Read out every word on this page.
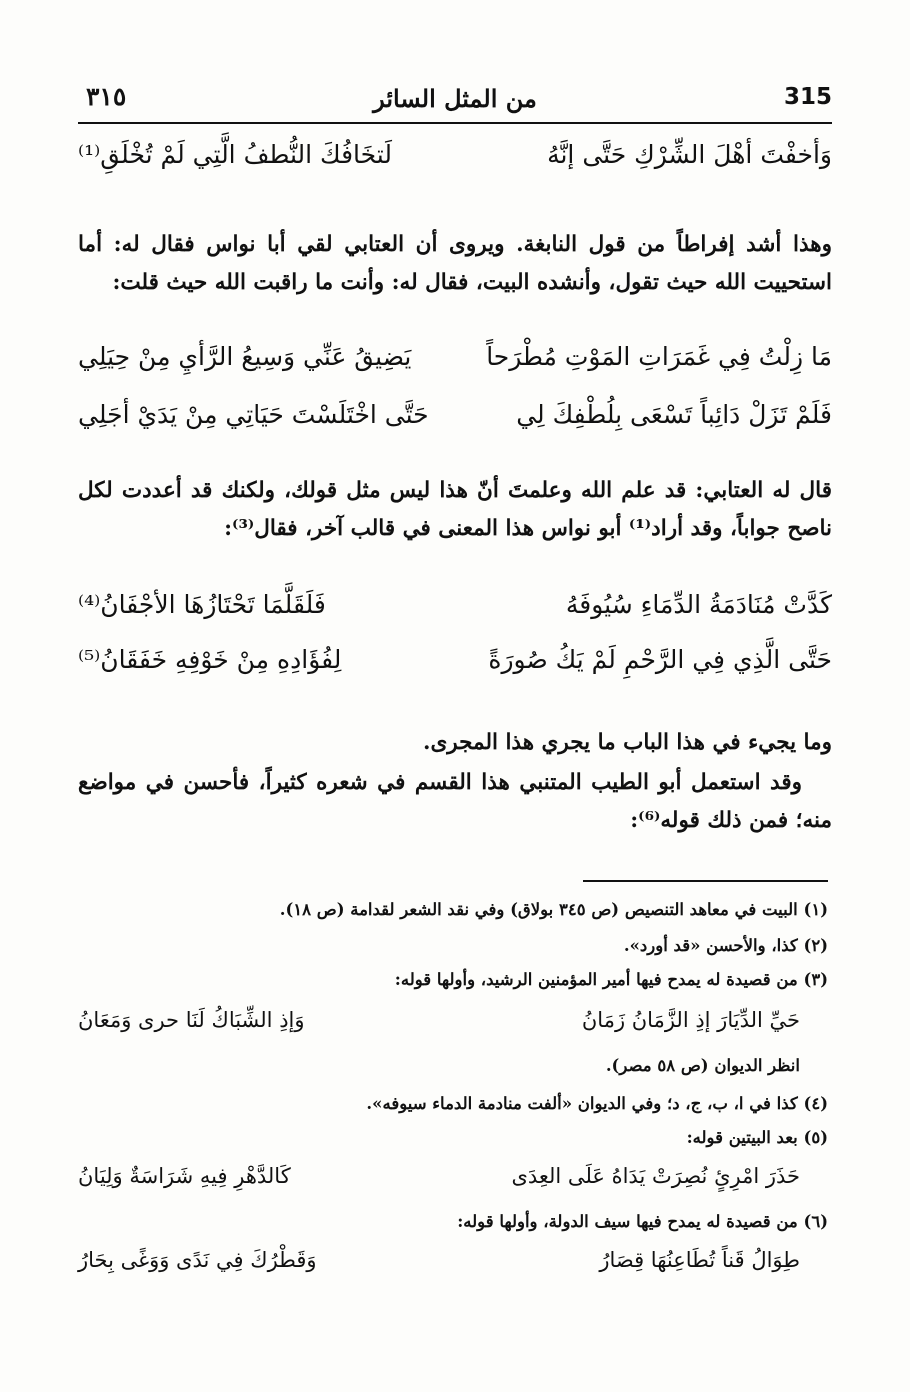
٣١٥	من المثل السائر	315
وَأخفْتَ أهْلَ الشِّرْكِ حَتَّى إنَّهُ
لَتخَافُكَ النُّطفُ الَّتِي لَمْ تُخْلَقِ⁽¹⁾
وهذا أشد إفراطاً من قول النابغة. ويروى أن العتابي لقي أبا نواس فقال له: أما استحييت الله حيث تقول، وأنشده البيت، فقال له: وأنت ما راقبت الله حيث قلت:
مَا زِلْتُ فِي غَمَرَاتِ المَوْتِ مُطْرَحاً
يَضِيقُ عَنِّي وَسِيعُ الرَّأيِ مِنْ حِيَلِي
فَلَمْ تَزَلْ دَائِباً تَسْعَى بِلُطْفِكَ لِي
حَتَّى اخْتَلَسْتَ حَيَاتِي مِنْ يَدَيْ أجَلِي
قال له العتابي: قد علم الله وعلمتَ أنّ هذا ليس مثل قولك، ولكنك قد أعددت لكل ناصح جواباً، وقد أراد⁽¹⁾ أبو نواس هذا المعنى في قالب آخر، فقال⁽³⁾:
كَدَّتْ مُنَادَمَةُ الدِّمَاءِ سُيُوفَهُ
فَلَقَلَّمَا تَحْتَازُهَا الأجْفَانُ⁽⁴⁾
حَتَّى الَّذِي فِي الرَّحْمِ لَمْ يَكُ صُورَةً
لِفُؤَادِهِ مِنْ خَوْفِهِ خَفَقَانُ⁽⁵⁾
وما يجيء في هذا الباب ما يجري هذا المجرى.
وقد استعمل أبو الطيب المتنبي هذا القسم في شعره كثيراً، فأحسن في مواضع منه؛ فمن ذلك قوله⁽⁶⁾:
(١) البيت في معاهد التنصيص (ص ٣٤٥ بولاق) وفي نقد الشعر لقدامة (ص ١٨).
(٢) كذا، والأحسن «قد أورد».
(٣) من قصيدة له يمدح فيها أمير المؤمنين الرشيد، وأولها قوله:
حَيِّ الدِّيَارَ إذِ الزَّمَانُ زَمَانُ
وَإذِ الشِّبَاكُ لَنَا حرى وَمَعَانُ
انظر الديوان (ص ٥٨ مصر).
(٤) كذا في ا، ب، ج، د؛ وفي الديوان «ألفت منادمة الدماء سيوفه».
(٥) بعد البيتين قوله:
حَذَرَ امْرِئٍ نُصِرَتْ يَدَاهُ عَلَى العِدَى
كَالدَّهْرِ فِيهِ شَرَاسَةٌ وَلِيَانُ
(٦) من قصيدة له يمدح فيها سيف الدولة، وأولها قوله:
طِوَالُ قَناً تُطَاعِنُهَا قِصَارُ
وَقَطْرُكَ فِي نَدًى وَوَغًى بِحَارُ
